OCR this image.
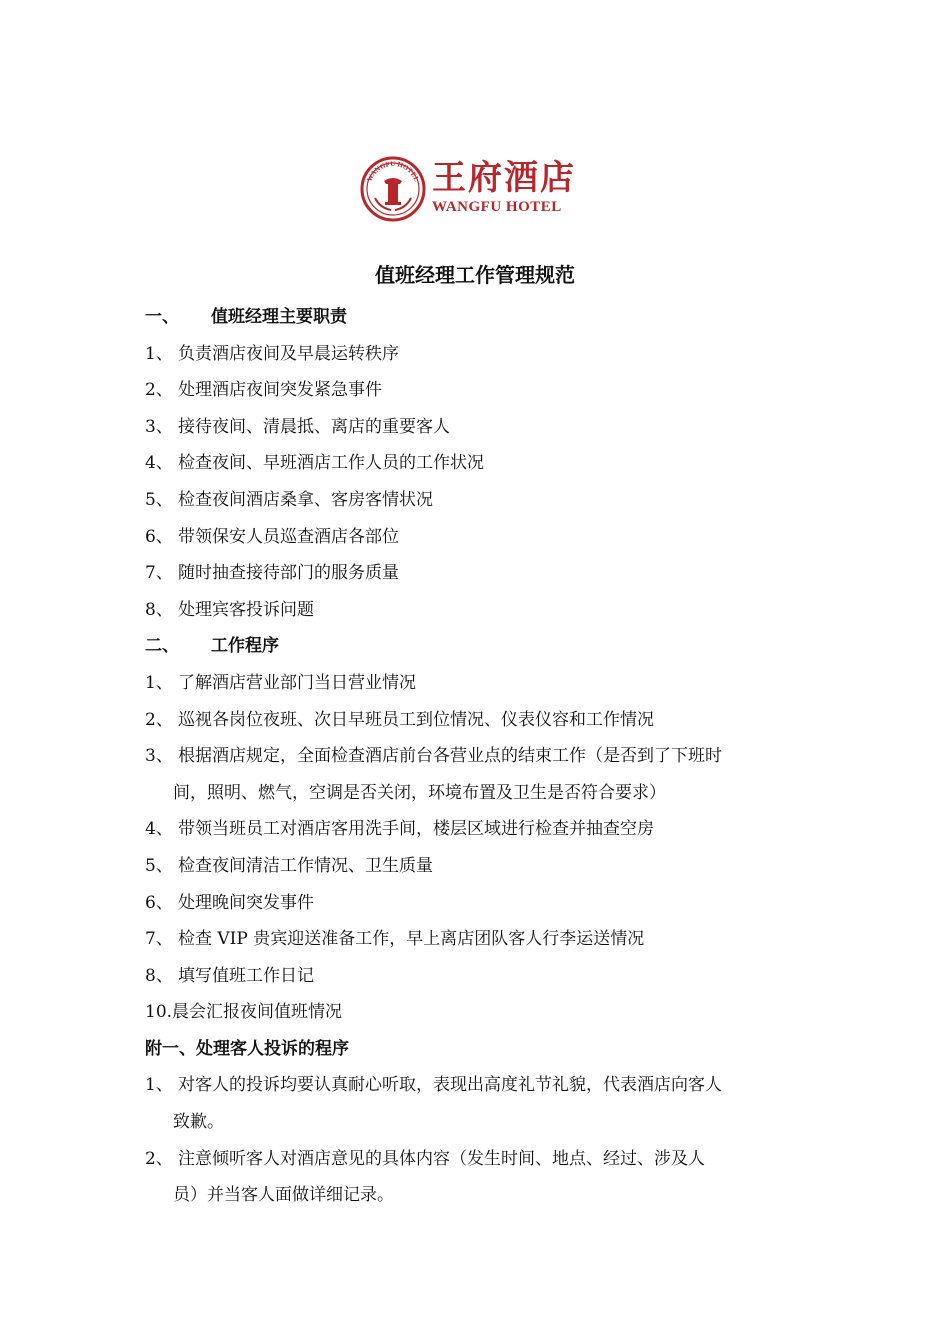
WANGFU HOTEL 王府酒店
WANGFU HOTEL
值班经理工作管理规范
一、 值班经理主要职责
1、 负责酒店夜间及早晨运转秩序
2、 处理酒店夜间突发紧急事件
3、 接待夜间、清晨抵、离店的重要客人
4、 检查夜间、早班酒店工作人员的工作状况
5、 检查夜间酒店桑拿、客房客情状况
6、 带领保安人员巡查酒店各部位
7、 随时抽查接待部门的服务质量
8、 处理宾客投诉问题
二、 工作程序
1、 了解酒店营业部门当日营业情况
2、 巡视各岗位夜班、次日早班员工到位情况、仪表仪容和工作情况
3、 根据酒店规定，全面检查酒店前台各营业点的结束工作（是否到了下班时
间，照明、燃气，空调是否关闭，环境布置及卫生是否符合要求）
4、 带领当班员工对酒店客用洗手间，楼层区域进行检查并抽查空房
5、 检查夜间清洁工作情况、卫生质量
6、 处理晚间突发事件
7、 检查 VIP 贵宾迎送准备工作，早上离店团队客人行李运送情况
8、 填写值班工作日记
10.晨会汇报夜间值班情况
附一、处理客人投诉的程序
1、 对客人的投诉均要认真耐心听取，表现出高度礼节礼貌，代表酒店向客人
致歉。
2、 注意倾听客人对酒店意见的具体内容（发生时间、地点、经过、涉及人
员）并当客人面做详细记录。
